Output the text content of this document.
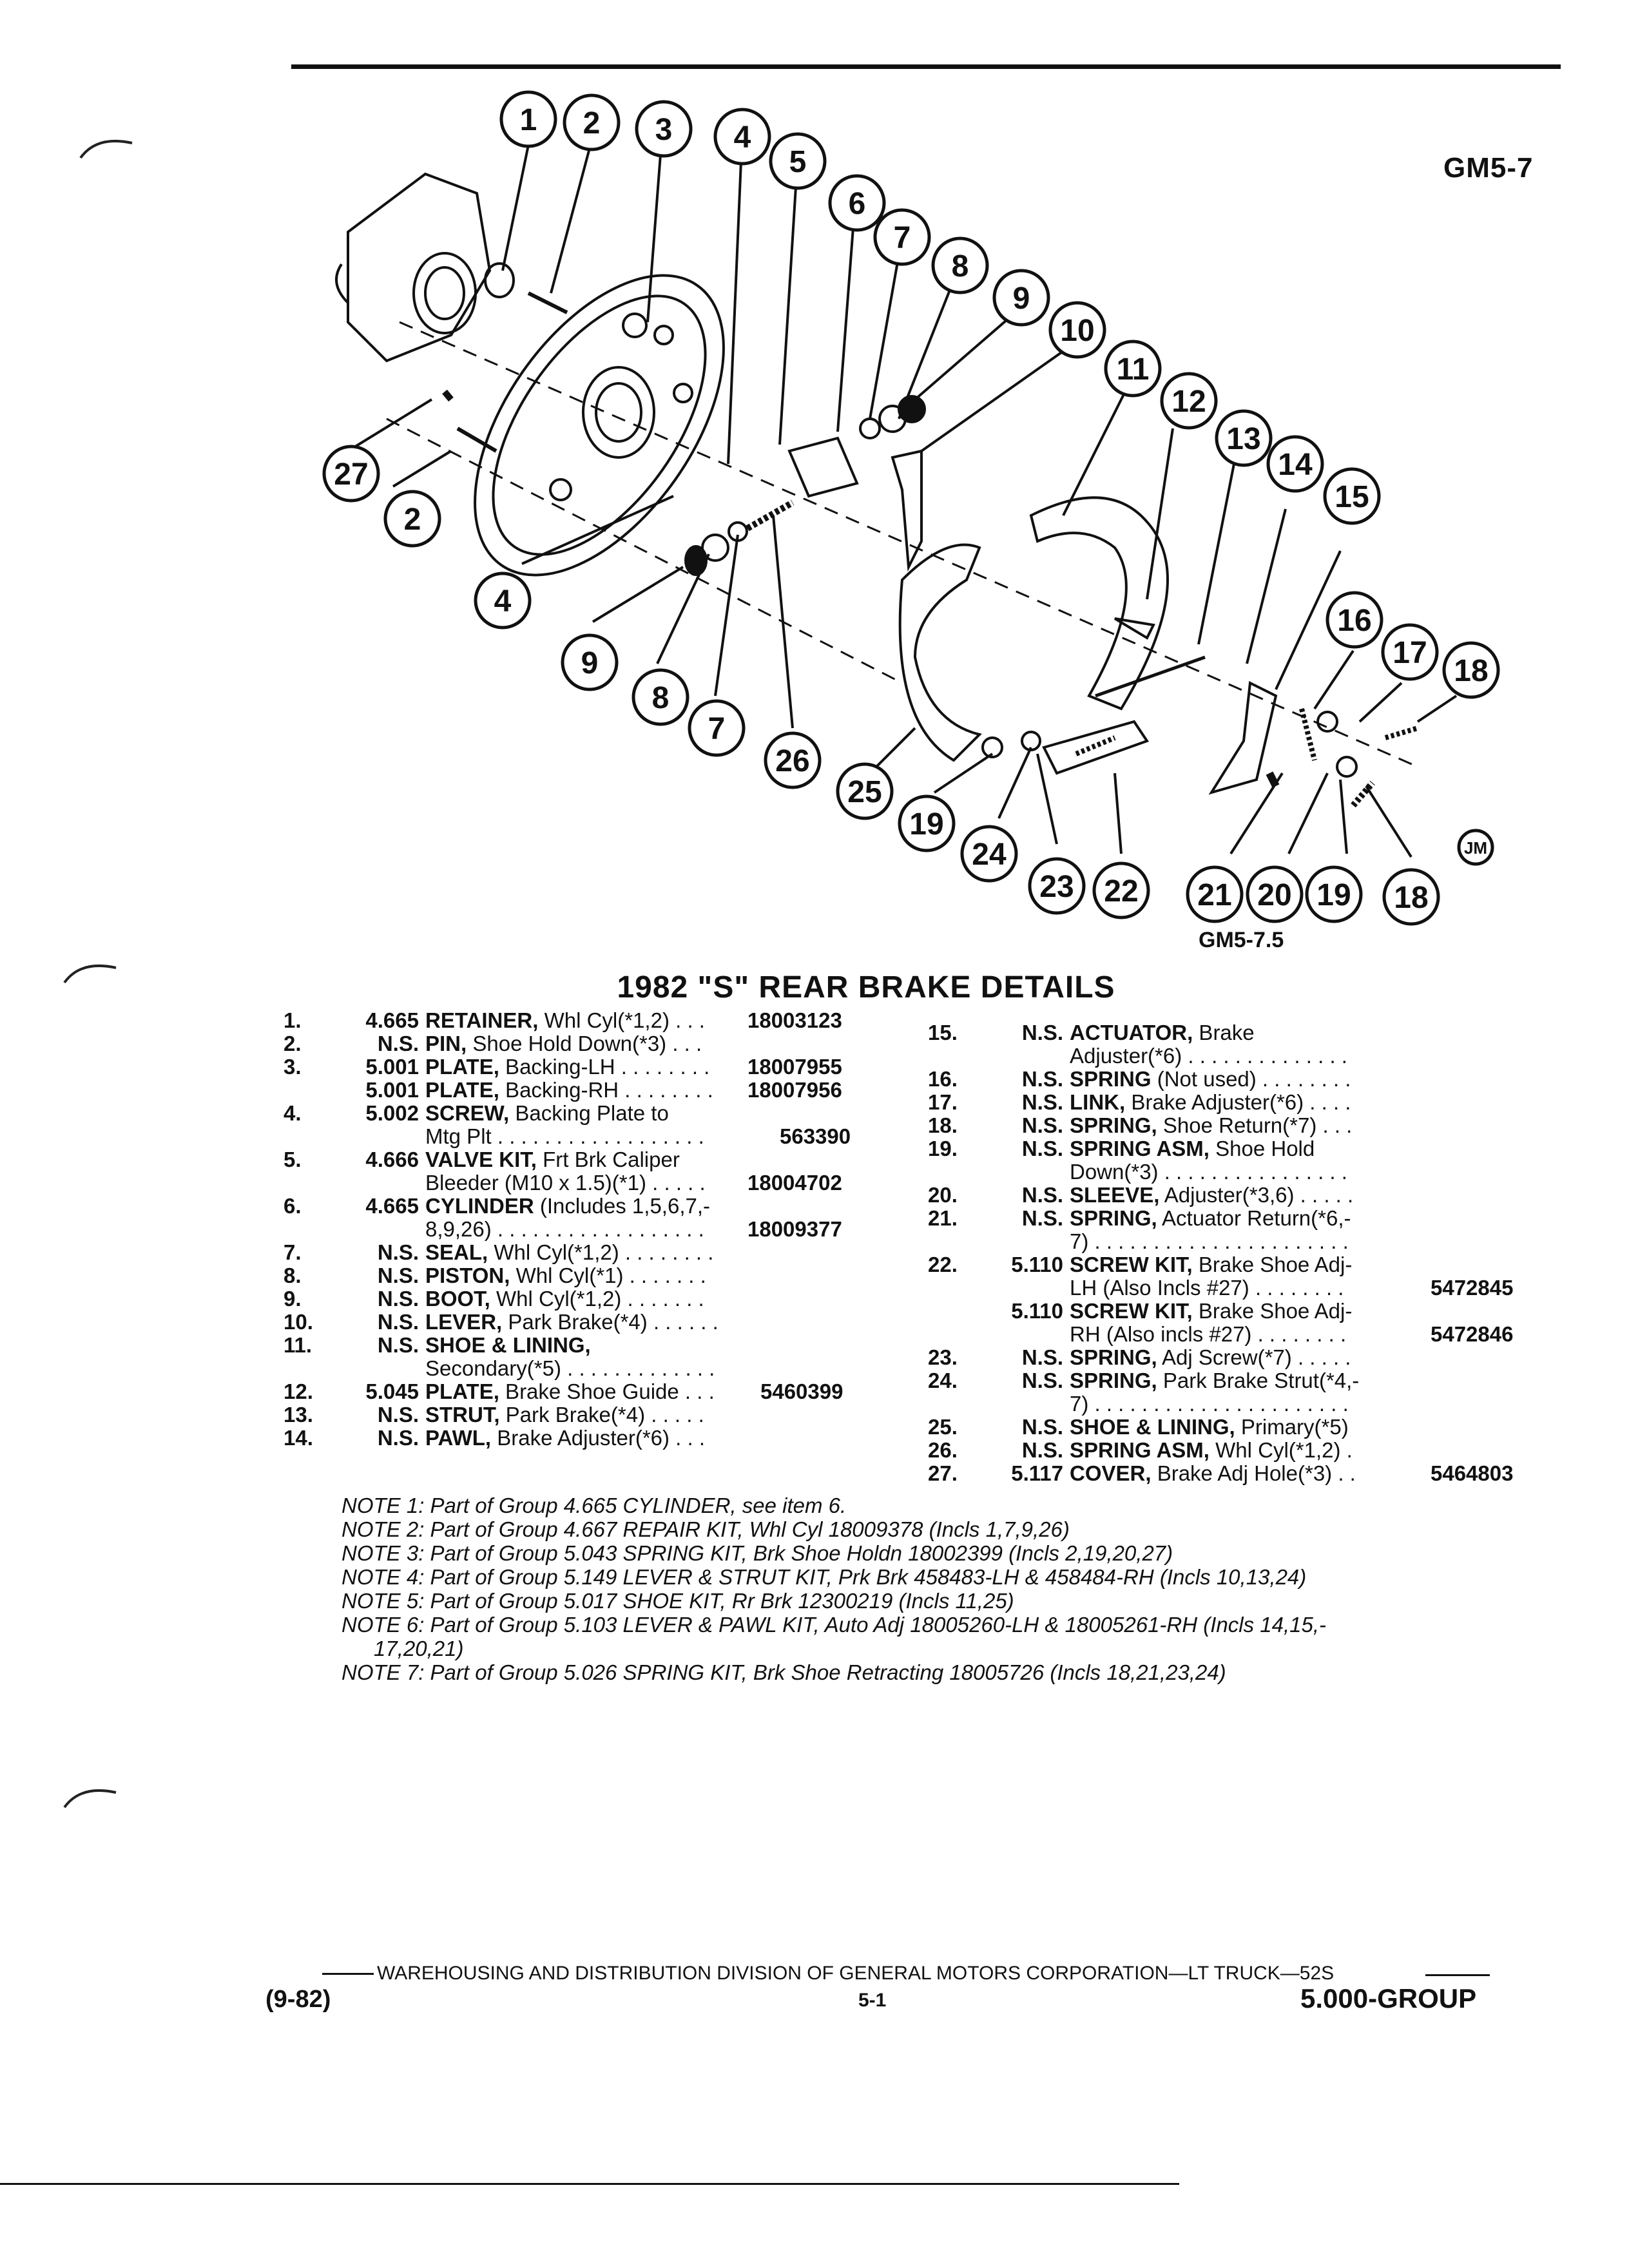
GM5-7
1 2 3 4
5
6
7
8
9
10
11
12
13
14
15
16
17
18
2
27
4
9
8
7
26
25
19
24
23 22 21 20 19 18
JM
GM5-7.5
1982 "S" REAR BRAKE DETAILS
1.	4.665 RETAINER, Whl Cyl(*1,2) . . . 18003123
2.	N.S. PIN, Shoe Hold Down(*3) . . .
3.	5.001 PLATE, Backing-LH . . . . . . . . 18007955
5.001 PLATE, Backing-RH . . . . . . . . 18007956
4.	5.002 SCREW, Backing Plate to
Mtg Plt . . . . . . . . . . . . . . . . . .	563390
5.	4.666 VALVE KIT, Frt Brk Caliper
Bleeder (M10 x 1.5)(*1) . . . . . 18004702
6.	4.665 CYLINDER (Includes 1,5,6,7,-
8,9,26) . . . . . . . . . . . . . . . . . . 18009377
7.	N.S. SEAL, Whl Cyl(*1,2) . . . . . . . .
8.	N.S. PISTON, Whl Cyl(*1) . . . . . . .
9.	N.S. BOOT, Whl Cyl(*1,2) . . . . . . .
10.	N.S. LEVER, Park Brake(*4) . . . . . .
11.	N.S. SHOE & LINING,
Secondary(*5) . . . . . . . . . . . . .
12.	5.045 PLATE, Brake Shoe Guide . . . 5460399
13.	N.S. STRUT, Park Brake(*4) . . . . .
14.	N.S. PAWL, Brake Adjuster(*6) . . .
15.	N.S. ACTUATOR, Brake
Adjuster(*6) . . . . . . . . . . . . . .
16.	N.S. SPRING (Not used) . . . . . . . .
17.	N.S. LINK, Brake Adjuster(*6) . . . .
18.	N.S. SPRING, Shoe Return(*7) . . .
19.	N.S. SPRING ASM, Shoe Hold
Down(*3) . . . . . . . . . . . . . . . .
20.	N.S. SLEEVE, Adjuster(*3,6) . . . . .
21.	N.S. SPRING, Actuator Return(*6,-
7) . . . . . . . . . . . . . . . . . . . . . .
22.	5.110 SCREW KIT, Brake Shoe Adj-
LH (Also Incls #27) . . . . . . . .	5472845
5.110 SCREW KIT, Brake Shoe Adj-
RH (Also incls #27) . . . . . . . .	5472846
23.	N.S. SPRING, Adj Screw(*7) . . . . .
24.	N.S. SPRING, Park Brake Strut(*4,-
7) . . . . . . . . . . . . . . . . . . . . . .
25.	N.S. SHOE & LINING, Primary(*5)
26.	N.S. SPRING ASM, Whl Cyl(*1,2) .
27.	5.117 COVER, Brake Adj Hole(*3) . .	5464803
NOTE 1: Part of Group 4.665 CYLINDER, see item 6.
NOTE 2: Part of Group 4.667 REPAIR KIT, Whl Cyl 18009378 (Incls 1,7,9,26)
NOTE 3: Part of Group 5.043 SPRING KIT, Brk Shoe Holdn 18002399 (Incls 2,19,20,27)
NOTE 4: Part of Group 5.149 LEVER & STRUT KIT, Prk Brk 458483-LH & 458484-RH (Incls 10,13,24)
NOTE 5: Part of Group 5.017 SHOE KIT, Rr Brk 12300219 (Incls 11,25)
NOTE 6: Part of Group 5.103 LEVER & PAWL KIT, Auto Adj 18005260-LH & 18005261-RH (Incls 14,15,-
17,20,21)
NOTE 7: Part of Group 5.026 SPRING KIT, Brk Shoe Retracting 18005726 (Incls 18,21,23,24)
WAREHOUSING AND DISTRIBUTION DIVISION OF GENERAL MOTORS CORPORATION—LT TRUCK—52S
(9-82)	5-1	5.000-GROUP
